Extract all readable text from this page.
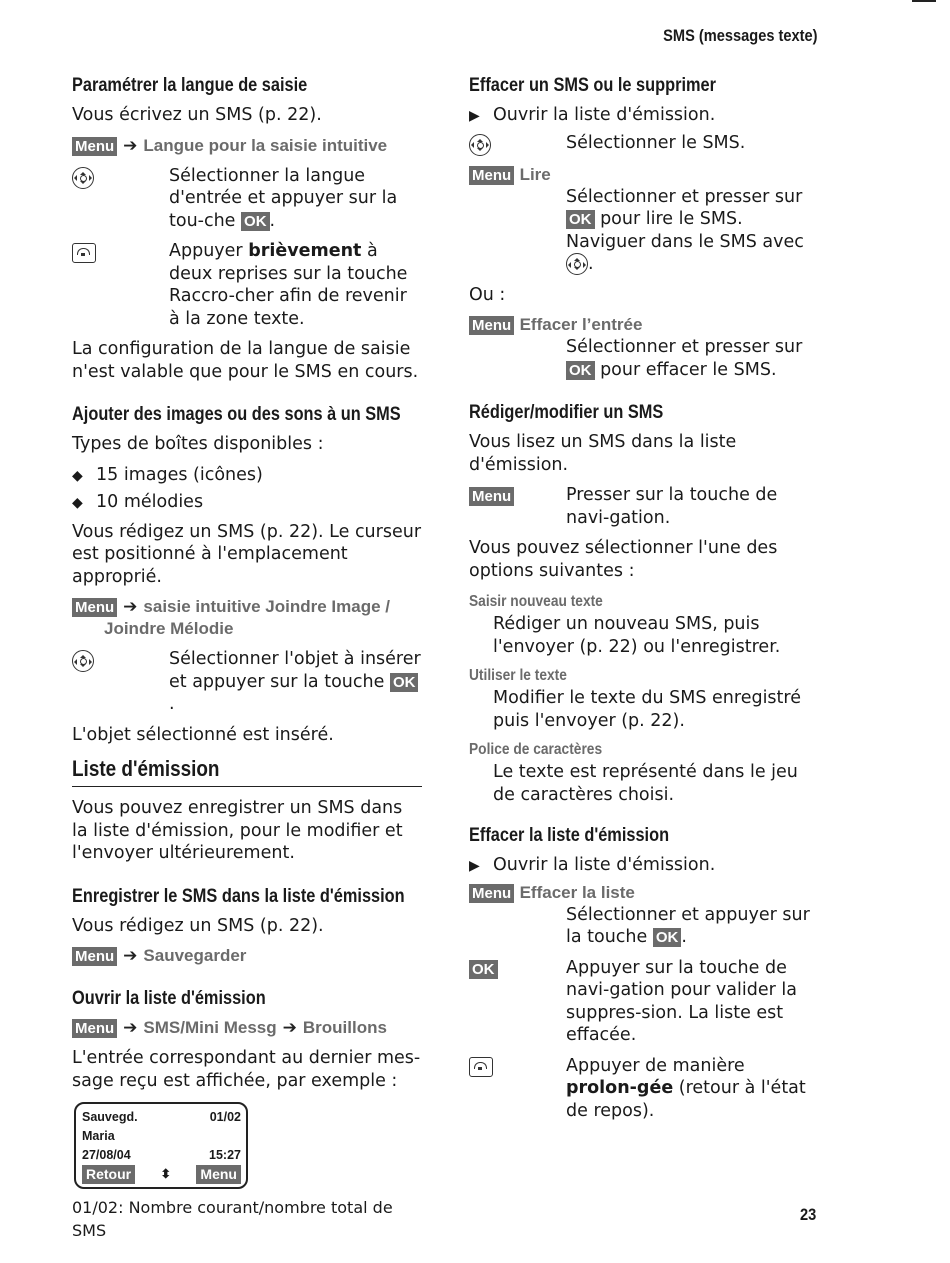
SMS (messages texte)
Paramétrer la langue de saisie
Vous écrivez un SMS (p. 22).
Menu ➔ Langue pour la saisie intuitive
Sélectionner la langue d'entrée et appuyer sur la tou-che OK .
Appuyer brièvement à deux reprises sur la touche Raccro-cher afin de revenir à la zone texte.
La configuration de la langue de saisie n'est valable que pour le SMS en cours.
Ajouter des images ou des sons à un SMS
Types de boîtes disponibles :
◆ 15 images (icônes)
◆ 10 mélodies
Vous rédigez un SMS (p. 22). Le curseur est positionné à l'emplacement approprié.
Menu ➔ saisie intuitive Joindre Image /
Joindre Mélodie
Sélectionner l'objet à insérer et appuyer sur la touche OK.
L'objet sélectionné est inséré.
Liste d'émission
Vous pouvez enregistrer un SMS dans la liste d'émission, pour le modifier et l'envoyer ultérieurement.
Enregistrer le SMS dans la liste d'émission
Vous rédigez un SMS (p. 22).
Menu ➔ Sauvegarder
Ouvrir la liste d'émission
Menu ➔ SMS/Mini Messg ➔ Brouillons
L'entrée correspondant au dernier mes-sage reçu est affichée, par exemple :
Sauvegd.	01/02
Maria
27/08/04	15:27
Retour	⬍ Menu
01/02: Nombre courant/nombre total de SMS
Effacer un SMS ou le supprimer
▶ Ouvrir la liste d'émission.
Sélectionner le SMS.
Menu Lire
Sélectionner et presser sur OK pour lire le SMS. Naviguer dans le SMS avec
.
Ou :
Menu Effacer l’entrée
Sélectionner et presser sur OK pour effacer le SMS.
Rédiger/modifier un SMS
Vous lisez un SMS dans la liste d'émission.
Menu	Presser sur la touche de navi-gation.
Vous pouvez sélectionner l'une des options suivantes :
Saisir nouveau texte
Rédiger un nouveau SMS, puis l'envoyer (p. 22) ou l'enregistrer.
Utiliser le texte
Modifier le texte du SMS enregistré puis l'envoyer (p. 22).
Police de caractères
Le texte est représenté dans le jeu de caractères choisi.
Effacer la liste d'émission
▶ Ouvrir la liste d'émission.
Menu Effacer la liste
Sélectionner et appuyer sur la touche OK .
OK	Appuyer sur la touche de navi-gation pour valider la suppres-sion. La liste est effacée.
Appuyer de manière prolon-gée (retour à l'état de repos).
23
